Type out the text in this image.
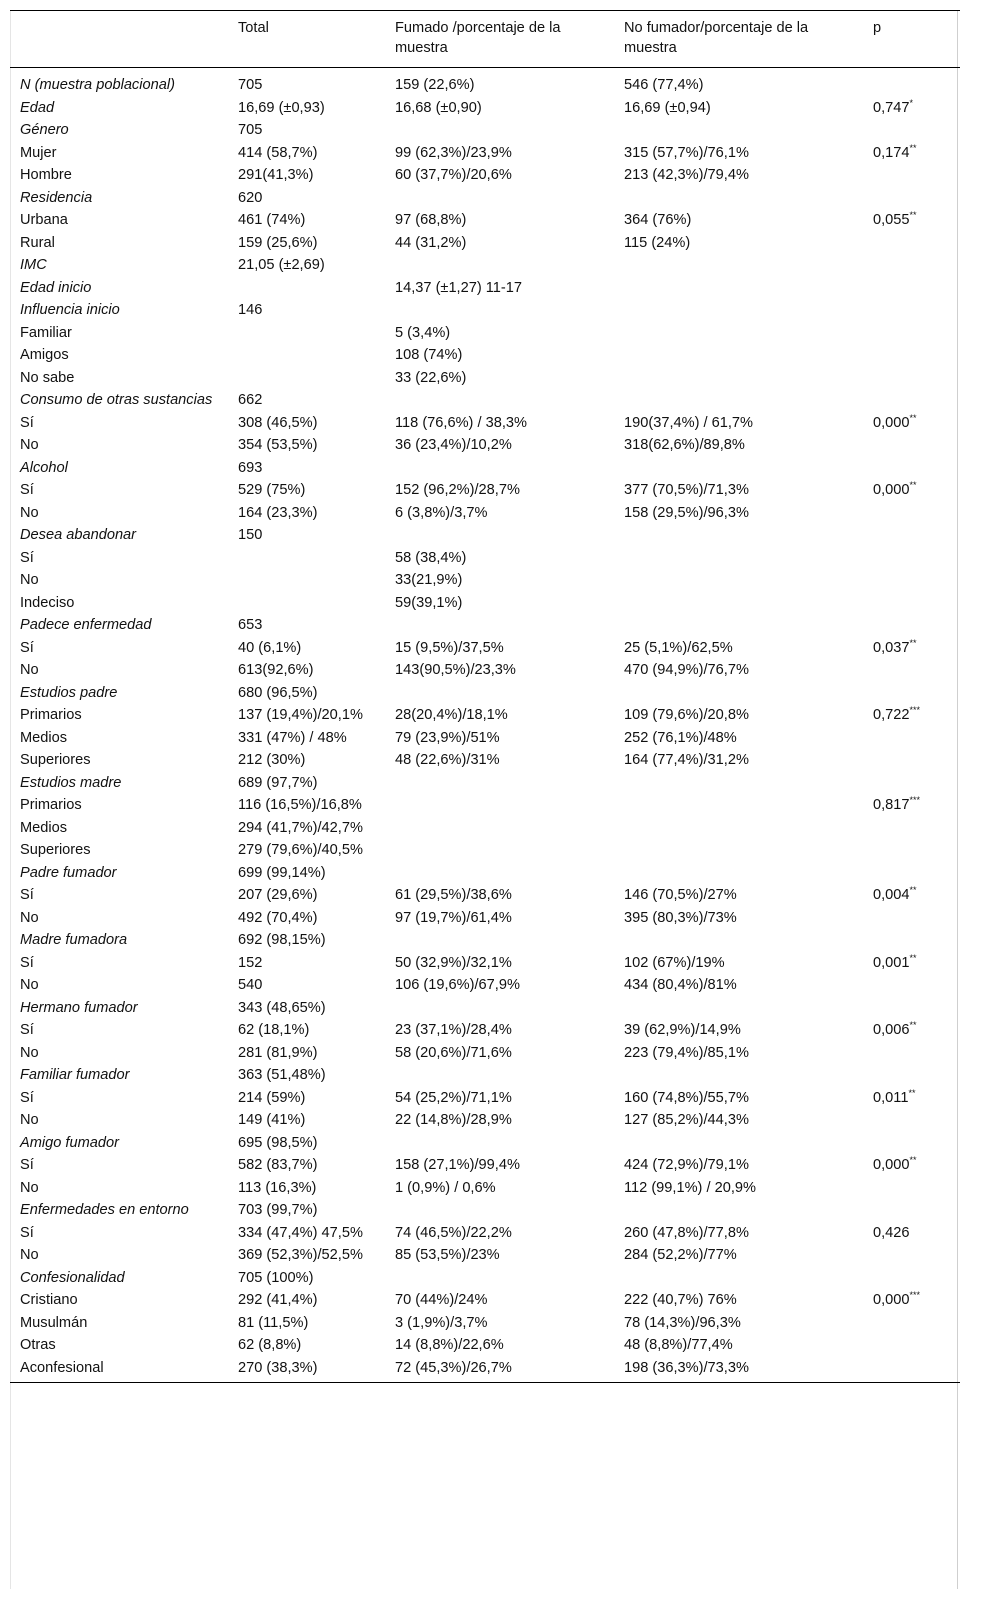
	Total	Fumado /porcentaje de la muestra	No fumador/porcentaje de la muestra	p
N (muestra poblacional)	705	159 (22,6%)	546 (77,4%)	
Edad	16,69 (±0,93)	16,68 (±0,90)	16,69 (±0,94)	0,747*
Género	705			
Mujer	414 (58,7%)	99 (62,3%)/23,9%	315 (57,7%)/76,1%	0,174**
Hombre	291(41,3%)	60 (37,7%)/20,6%	213 (42,3%)/79,4%	
Residencia	620			
Urbana	461 (74%)	97 (68,8%)	364 (76%)	0,055**
Rural	159 (25,6%)	44 (31,2%)	115 (24%)	
IMC	21,05 (±2,69)			
Edad inicio		14,37 (±1,27) 11-17		
Influencia inicio	146			
Familiar		5 (3,4%)		
Amigos		108 (74%)		
No sabe		33 (22,6%)		
Consumo de otras sustancias	662			
Sí	308 (46,5%)	118 (76,6%) / 38,3%	190(37,4%) / 61,7%	0,000**
No	354 (53,5%)	36 (23,4%)/10,2%	318(62,6%)/89,8%	
Alcohol	693			
Sí	529 (75%)	152 (96,2%)/28,7%	377 (70,5%)/71,3%	0,000**
No	164 (23,3%)	6 (3,8%)/3,7%	158 (29,5%)/96,3%	
Desea abandonar	150			
Sí		58 (38,4%)		
No		33(21,9%)		
Indeciso		59(39,1%)		
Padece enfermedad	653			
Sí	40 (6,1%)	15 (9,5%)/37,5%	25 (5,1%)/62,5%	0,037**
No	613(92,6%)	143(90,5%)/23,3%	470 (94,9%)/76,7%	
Estudios padre	680 (96,5%)			
Primarios	137 (19,4%)/20,1%	28(20,4%)/18,1%	109 (79,6%)/20,8%	0,722***
Medios	331 (47%) / 48%	79 (23,9%)/51%	252 (76,1%)/48%	
Superiores	212 (30%)	48 (22,6%)/31%	164 (77,4%)/31,2%	
Estudios madre	689 (97,7%)			
Primarios	116 (16,5%)/16,8%			0,817***
Medios	294 (41,7%)/42,7%			
Superiores	279 (79,6%)/40,5%			
Padre fumador	699 (99,14%)			
Sí	207 (29,6%)	61 (29,5%)/38,6%	146 (70,5%)/27%	0,004**
No	492 (70,4%)	97 (19,7%)/61,4%	395 (80,3%)/73%	
Madre fumadora	692 (98,15%)			
Sí	152	50 (32,9%)/32,1%	102 (67%)/19%	0,001**
No	540	106 (19,6%)/67,9%	434 (80,4%)/81%	
Hermano fumador	343 (48,65%)			
Sí	62 (18,1%)	23 (37,1%)/28,4%	39 (62,9%)/14,9%	0,006**
No	281 (81,9%)	58 (20,6%)/71,6%	223 (79,4%)/85,1%	
Familiar fumador	363 (51,48%)			
Sí	214 (59%)	54 (25,2%)/71,1%	160 (74,8%)/55,7%	0,011**
No	149 (41%)	22 (14,8%)/28,9%	127 (85,2%)/44,3%	
Amigo fumador	695 (98,5%)			
Sí	582 (83,7%)	158 (27,1%)/99,4%	424 (72,9%)/79,1%	0,000**
No	113 (16,3%)	1 (0,9%) / 0,6%	112 (99,1%) / 20,9%	
Enfermedades en entorno	703 (99,7%)			
Sí	334 (47,4%) 47,5%	74 (46,5%)/22,2%	260 (47,8%)/77,8%	0,426
No	369 (52,3%)/52,5%	85 (53,5%)/23%	284 (52,2%)/77%	
Confesionalidad	705 (100%)			
Cristiano	292 (41,4%)	70 (44%)/24%	222 (40,7%) 76%	0,000***
Musulmán	81 (11,5%)	3 (1,9%)/3,7%	78 (14,3%)/96,3%	
Otras	62 (8,8%)	14 (8,8%)/22,6%	48 (8,8%)/77,4%	
Aconfesional	270 (38,3%)	72 (45,3%)/26,7%	198 (36,3%)/73,3%	
